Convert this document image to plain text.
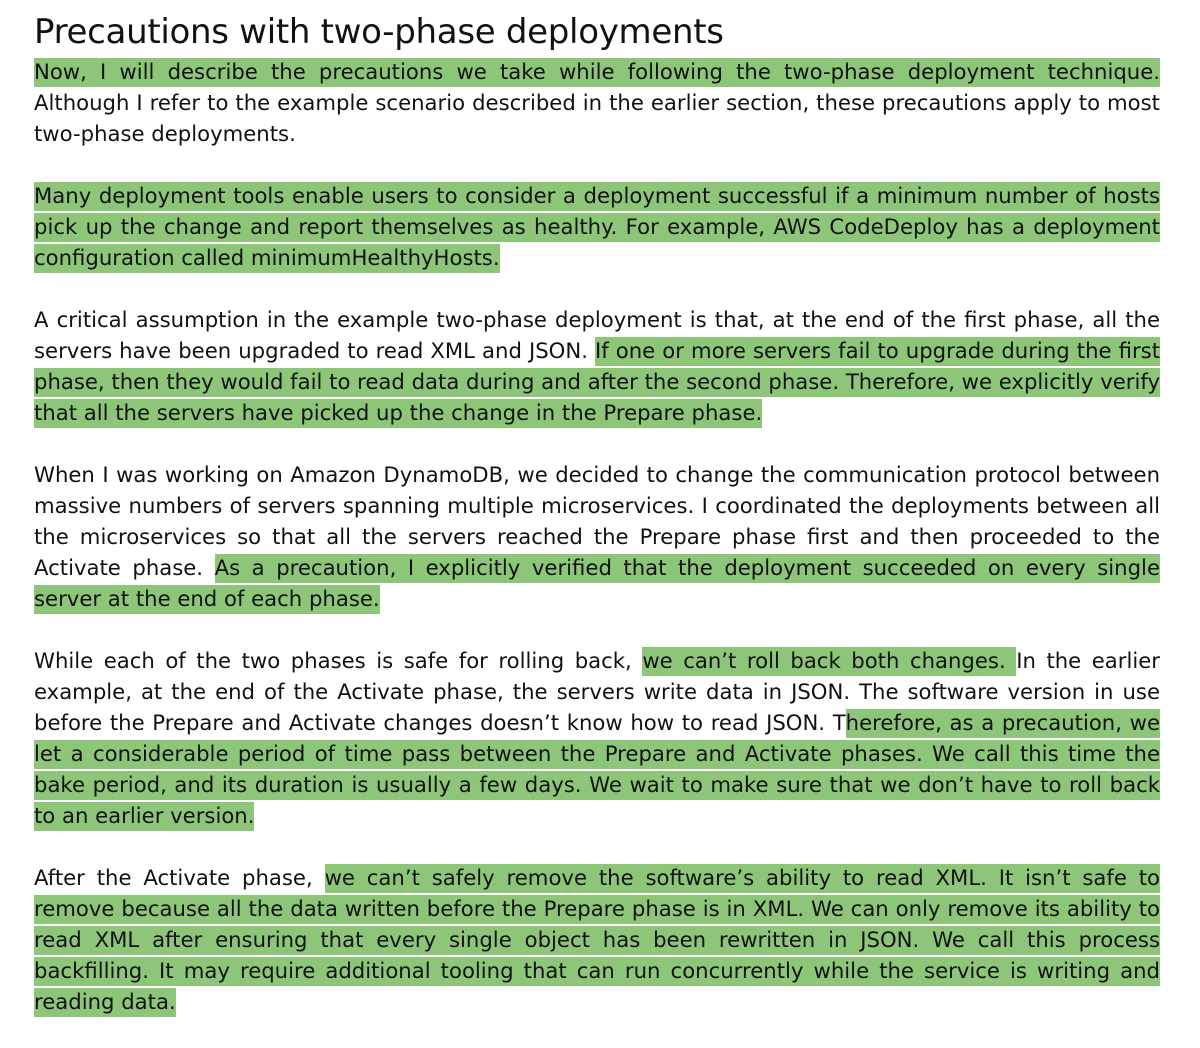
Precautions with two-phase deployments

Now, I will describe the precautions we take while following the two-phase deployment technique. Although I refer to the example scenario described in the earlier section, these precautions apply to most two-phase deployments.

Many deployment tools enable users to consider a deployment successful if a minimum number of hosts pick up the change and report themselves as healthy. For example, AWS CodeDeploy has a deployment configuration called minimumHealthyHosts.

A critical assumption in the example two-phase deployment is that, at the end of the first phase, all the servers have been upgraded to read XML and JSON. If one or more servers fail to upgrade during the first phase, then they would fail to read data during and after the second phase. Therefore, we explicitly verify that all the servers have picked up the change in the Prepare phase.

When I was working on Amazon DynamoDB, we decided to change the communication protocol between massive numbers of servers spanning multiple microservices. I coordinated the deployments between all the microservices so that all the servers reached the Prepare phase first and then proceeded to the Activate phase. As a precaution, I explicitly verified that the deployment succeeded on every single server at the end of each phase.

While each of the two phases is safe for rolling back, we can’t roll back both changes. In the earlier example, at the end of the Activate phase, the servers write data in JSON. The software version in use before the Prepare and Activate changes doesn’t know how to read JSON. Therefore, as a precaution, we let a considerable period of time pass between the Prepare and Activate phases. We call this time the bake period, and its duration is usually a few days. We wait to make sure that we don’t have to roll back to an earlier version.

After the Activate phase, we can’t safely remove the software’s ability to read XML. It isn’t safe to remove because all the data written before the Prepare phase is in XML. We can only remove its ability to read XML after ensuring that every single object has been rewritten in JSON. We call this process backfilling. It may require additional tooling that can run concurrently while the service is writing and reading data.
